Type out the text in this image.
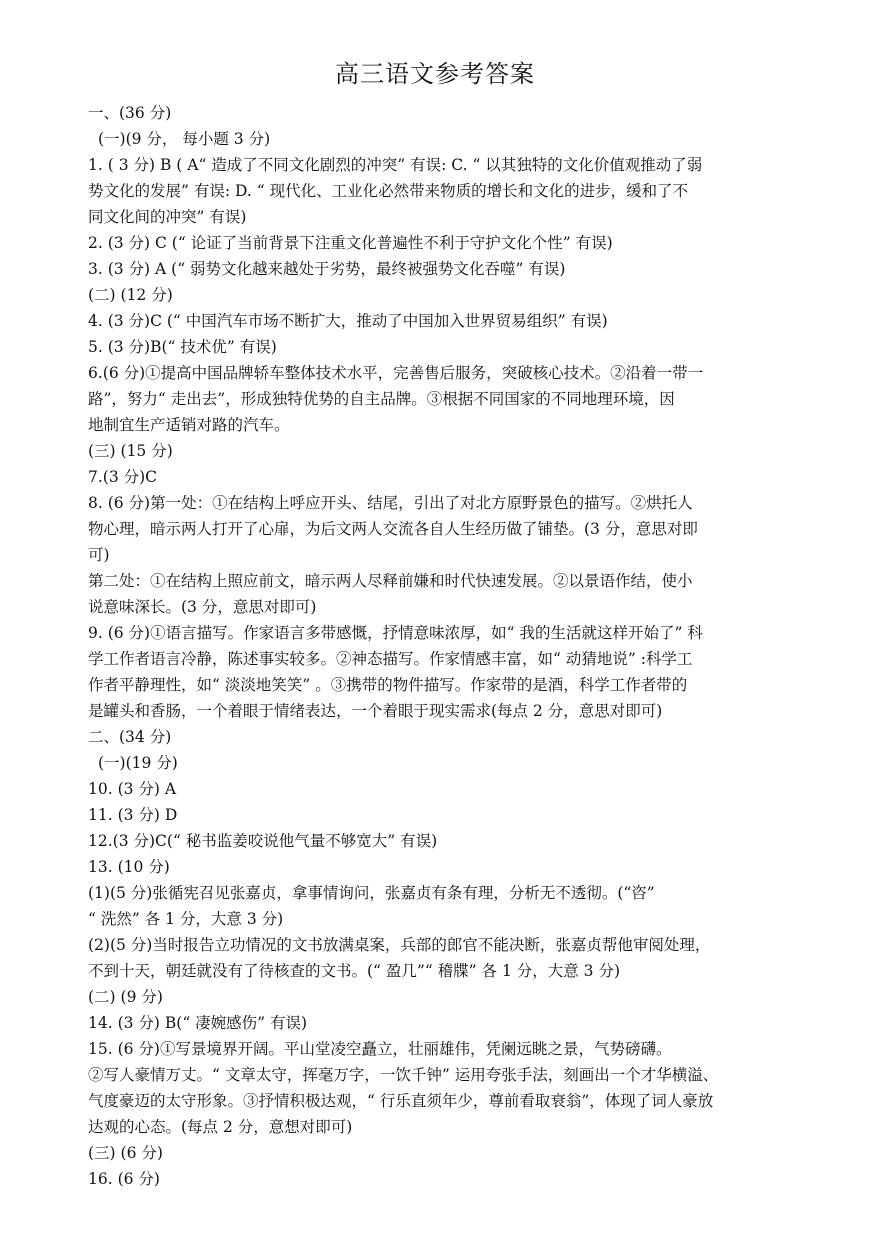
高三语文参考答案
一、(36 分)
(一)(9 分， 每小题 3 分)
1. ( 3 分) B ( A“ 造成了不同文化剧烈的冲突” 有误: C. “ 以其独特的文化价值观推动了弱
势文化的发展” 有误: D. “ 现代化、工业化必然带来物质的增长和文化的进步，缓和了不
同文化间的冲突” 有误)
2. (3 分) C (“ 论证了当前背景下注重文化普遍性不利于守护文化个性” 有误)
3. (3 分) A (“ 弱势文化越来越处于劣势，最终被强势文化吞噬” 有误)
(二) (12 分)
4. (3 分)C (“ 中国汽车市场不断扩大，推动了中国加入世界贸易组织” 有误)
5. (3 分)B(“ 技术优” 有误)
6.(6 分)①提高中国品牌轿车整体技术水平，完善售后服务，突破核心技术。②沿着一带一
路”，努力“ 走出去”，形成独特优势的自主品牌。③根据不同国家的不同地理环境，因
地制宜生产适销对路的汽车。
(三) (15 分)
7.(3 分)C
8. (6 分)第一处：①在结构上呼应开头、结尾，引出了对北方原野景色的描写。②烘托人
物心理，暗示两人打开了心扉，为后文两人交流各自人生经历做了铺垫。(3 分，意思对即
可)
第二处：①在结构上照应前文，暗示两人尽释前嫌和时代快速发展。②以景语作结，使小
说意味深长。(3 分，意思对即可)
9. (6 分)①语言描写。作家语言多带感慨，抒情意味浓厚，如“ 我的生活就这样开始了” 科
学工作者语言冷静，陈述事实较多。②神态描写。作家情感丰富，如“ 动猜地说” :科学工
作者平静理性，如“ 淡淡地笑笑” 。③携带的物件描写。作家带的是酒，科学工作者带的
是罐头和香肠，一个着眼于情绪表达，一个着眼于现实需求(每点 2 分，意思对即可)
二、(34 分)
(一)(19 分)
10. (3 分) A
11. (3 分) D
12.(3 分)C(“ 秘书监姜咬说他气量不够宽大” 有误)
13. (10 分)
(1)(5 分)张循宪召见张嘉贞，拿事情询问，张嘉贞有条有理，分析无不透彻。(“咨”
“ 洗然” 各 1 分，大意 3 分)
(2)(5 分)当时报告立功情况的文书放满桌案，兵部的郎官不能决断，张嘉贞帮他审阅处理，
不到十天，朝廷就没有了待核查的文书。(“ 盈几”“ 稽牒” 各 1 分，大意 3 分)
(二) (9 分)
14. (3 分) B(“ 凄婉感伤” 有误)
15. (6 分)①写景境界开阔。平山堂凌空矗立，壮丽雄伟，凭阑远眺之景，气势磅礴。
②写人豪情万丈。“ 文章太守，挥毫万字，一饮千钟” 运用夸张手法，刻画出一个才华横溢、
气度豪迈的太守形象。③抒情积极达观，“ 行乐直须年少，尊前看取衰翁”，体现了词人豪放
达观的心态。(每点 2 分，意想对即可)
(三) (6 分)
16. (6 分)
